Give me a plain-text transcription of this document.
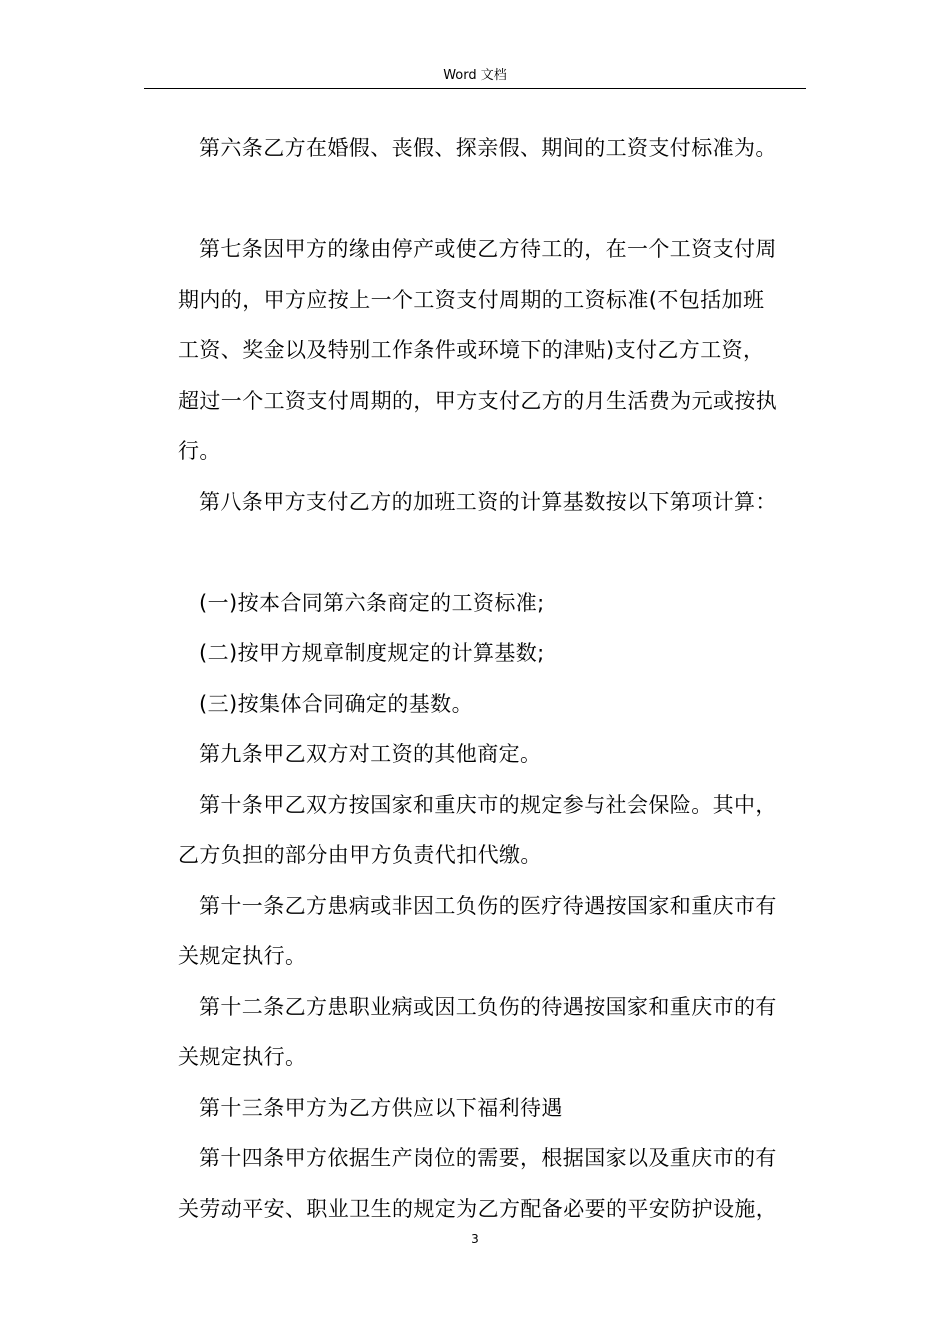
Word 文档

第六条乙方在婚假、丧假、探亲假、期间的工资支付标准为。

第七条因甲方的缘由停产或使乙方待工的，在一个工资支付周

期内的，甲方应按上一个工资支付周期的工资标准(不包括加班
工资、奖金以及特别工作条件或环境下的津贴)支付乙方工资，
超过一个工资支付周期的，甲方支付乙方的月生活费为元或按执
行。

第八条甲方支付乙方的加班工资的计算基数按以下第项计算：

(一)按本合同第六条商定的工资标准;

(二)按甲方规章制度规定的计算基数;

(三)按集体合同确定的基数。

第九条甲乙双方对工资的其他商定。

第十条甲乙双方按国家和重庆市的规定参与社会保险。其中，

乙方负担的部分由甲方负责代扣代缴。

第十一条乙方患病或非因工负伤的医疗待遇按国家和重庆市有

关规定执行。

第十二条乙方患职业病或因工负伤的待遇按国家和重庆市的有

关规定执行。

第十三条甲方为乙方供应以下福利待遇

第十四条甲方依据生产岗位的需要，根据国家以及重庆市的有

关劳动平安、职业卫生的规定为乙方配备必要的平安防护设施，

3
